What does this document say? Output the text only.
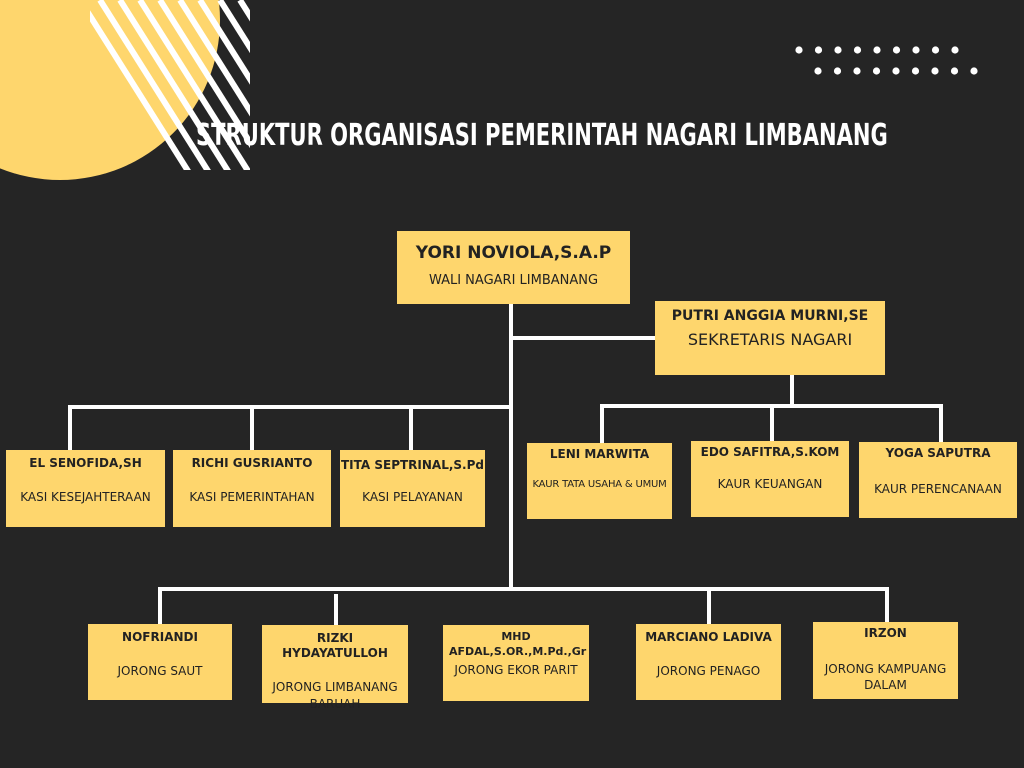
STRUKTUR ORGANISASI PEMERINTAH NAGARI LIMBANANG
YORI NOVIOLA,S.A.P
WALI NAGARI LIMBANANG
PUTRI ANGGIA MURNI,SE
SEKRETARIS NAGARI
EL SENOFIDA,SH
KASI KESEJAHTERAAN
RICHI GUSRIANTO
KASI PEMERINTAHAN
TITA SEPTRINAL,S.Pd
KASI PELAYANAN
LENI MARWITA
KAUR TATA USAHA & UMUM
EDO SAFITRA,S.KOM
KAUR KEUANGAN
YOGA SAPUTRA
KAUR PERENCANAAN
NOFRIANDI
JORONG SAUT
RIZKI HYDAYATULLOH
JORONG LIMBANANG BARUAH
MHD AFDAL,S.OR.,M.Pd.,Gr
JORONG EKOR PARIT
MARCIANO LADIVA
JORONG PENAGO
IRZON
JORONG KAMPUANG DALAM
